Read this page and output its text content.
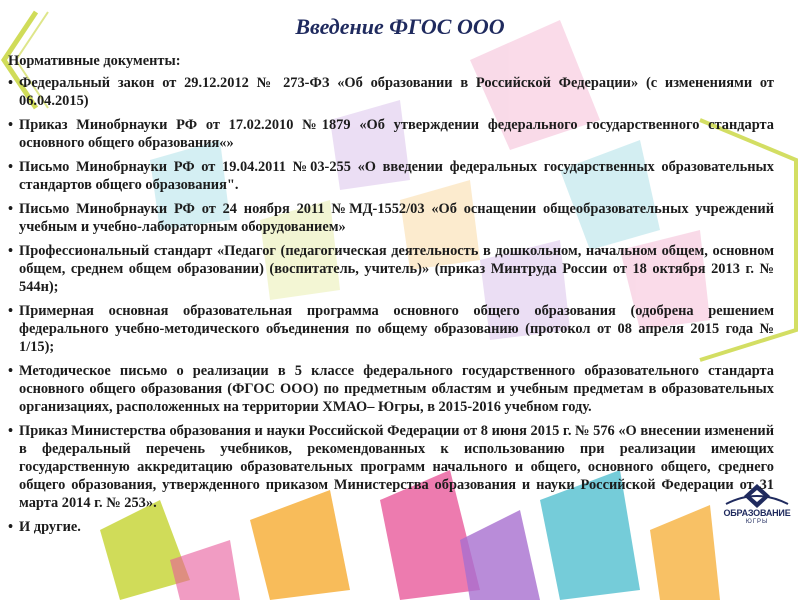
ОБРАЗОВАНИЕ
ЮГРЫ
Введение ФГОС ООО
Нормативные документы:
• Федеральный закон от 29.12.2012 № 273-ФЗ «Об образовании в Российской Федерации» (с изменениями от 06.04.2015)
• Приказ Минобрнауки РФ от 17.02.2010 №1879 «Об утверждении федерального государственного стандарта основного общего образования«»
• Письмо Минобрнауки РФ от 19.04.2011 №03-255 «О введении федеральных государственных образовательных стандартов общего образования".
• Письмо Минобрнауки РФ от 24 ноября 2011 №МД-1552/03 «Об оснащении общеобразовательных учреждений учебным и учебно-лабораторным оборудованием»
• Профессиональный стандарт «Педагог (педагогическая деятельность в дошкольном, начальном общем, основном общем, среднем общем образовании) (воспитатель, учитель)» (приказ Минтруда России от 18 октября 2013 г. № 544н);
• Примерная основная образовательная программа основного общего образования (одобрена решением федерального учебно-методического объединения по общему образованию (протокол от 08 апреля 2015 года № 1/15);
• Методическое письмо о реализации в 5 классе федерального государственного образовательного стандарта основного общего образования (ФГОС ООО) по предметным областям и учебным предметам в образовательных организациях, расположенных на территории ХМАО– Югры, в 2015-2016 учебном году.
• Приказ Министерства образования и науки Российской Федерации от 8 июня 2015 г. № 576 «О внесении изменений в федеральный перечень учебников, рекомендованных к использованию при реализации имеющих государственную аккредитацию образовательных программ начального и общего, основного общего, среднего общего образования, утвержденного приказом Министерства образования и науки Российской Федерации от 31 марта 2014 г. № 253».
• И другие.
